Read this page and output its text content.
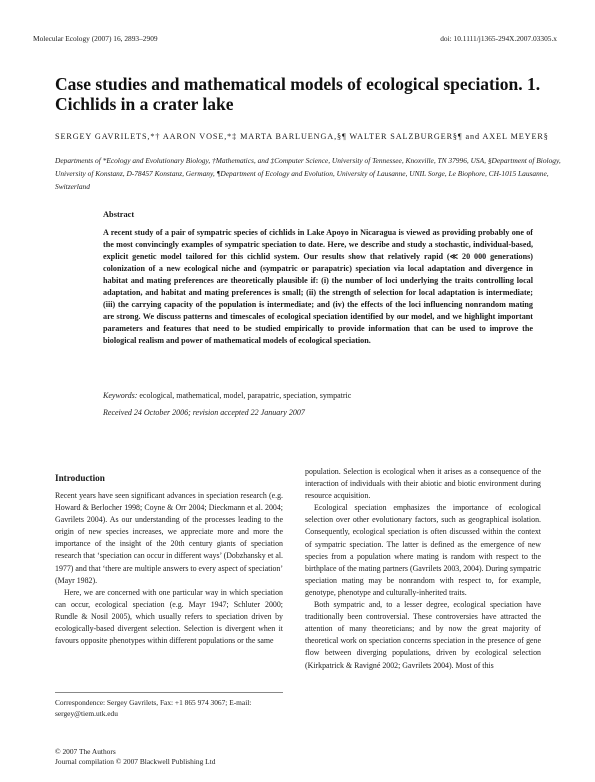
Molecular Ecology (2007) 16, 2893–2909	doi: 10.1111/j1365-294X.2007.03305.x
Case studies and mathematical models of ecological speciation. 1. Cichlids in a crater lake
SERGEY GAVRILETS,*† AARON VOSE,*‡ MARTA BARLUENGA,§¶ WALTER SALZBURGER§¶ and AXEL MEYER§
Departments of *Ecology and Evolutionary Biology, †Mathematics, and ‡Computer Science, University of Tennessee, Knoxville, TN 37996, USA, §Department of Biology, University of Konstanz, D-78457 Konstanz, Germany, ¶Department of Ecology and Evolution, University of Lausanne, UNIL Sorge, Le Biophore, CH-1015 Lausanne, Switzerland
Abstract
A recent study of a pair of sympatric species of cichlids in Lake Apoyo in Nicaragua is viewed as providing probably one of the most convincingly examples of sympatric speciation to date. Here, we describe and study a stochastic, individual-based, explicit genetic model tailored for this cichlid system. Our results show that relatively rapid (≪ 20 000 generations) colonization of a new ecological niche and (sympatric or parapatric) speciation via local adaptation and divergence in habitat and mating preferences are theoretically plausible if: (i) the number of loci underlying the traits controlling local adaptation, and habitat and mating preferences is small; (ii) the strength of selection for local adaptation is intermediate; (iii) the carrying capacity of the population is intermediate; and (iv) the effects of the loci influencing nonrandom mating are strong. We discuss patterns and timescales of ecological speciation identified by our model, and we highlight important parameters and features that need to be studied empirically to provide information that can be used to improve the biological realism and power of mathematical models of ecological speciation.
Keywords: ecological, mathematical, model, parapatric, speciation, sympatric
Received 24 October 2006; revision accepted 22 January 2007
Introduction

Recent years have seen significant advances in speciation research (e.g. Howard & Berlocher 1998; Coyne & Orr 2004; Dieckmann et al. 2004; Gavrilets 2004). As our understanding of the processes leading to the origin of new species increases, we appreciate more and more the importance of the insight of the 20th century giants of speciation research that ‘speciation can occur in different ways’ (Dobzhansky et al. 1977) and that ‘there are multiple answers to every aspect of speciation’ (Mayr 1982).

Here, we are concerned with one particular way in which speciation can occur, ecological speciation (e.g. Mayr 1947; Schluter 2000; Rundle & Nosil 2005), which usually refers to speciation driven by ecologically-based divergent selection. Selection is divergent when it favours opposite phenotypes within different populations or the same

population. Selection is ecological when it arises as a consequence of the interaction of individuals with their abiotic and biotic environment during resource acquisition.

Ecological speciation emphasizes the importance of ecological selection over other evolutionary factors, such as geographical isolation. Consequently, ecological speciation is often discussed within the context of sympatric speciation. The latter is defined as the emergence of new species from a population where mating is random with respect to the birthplace of the mating partners (Gavrilets 2003, 2004). During sympatric speciation mating may be nonrandom with respect to, for example, genotype, phenotype and culturally-inherited traits.

Both sympatric and, to a lesser degree, ecological speciation have traditionally been controversial. These controversies have attracted the attention of many theoreticians; and by now the great majority of theoretical work on speciation concerns speciation in the presence of gene flow between diverging populations, driven by ecological selection (Kirkpatrick & Ravigné 2002; Gavrilets 2004). Most of this

Correspondence: Sergey Gavrilets, Fax: +1 865 974 3067; E-mail: sergey@tiem.utk.edu
© 2007 The Authors
Journal compilation © 2007 Blackwell Publishing Ltd
